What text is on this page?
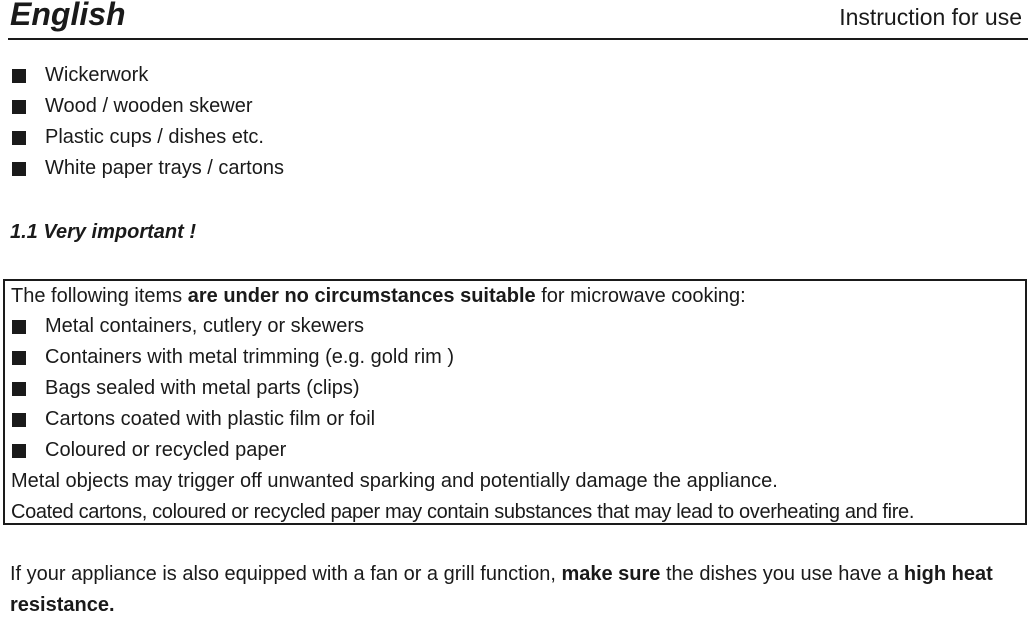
English	Instruction for use
Wickerwork
Wood / wooden skewer
Plastic cups / dishes etc.
White paper trays / cartons
1.1 Very important !
The following items are under no circumstances suitable for microwave cooking:
Metal containers, cutlery or skewers
Containers with metal trimming (e.g. gold rim )
Bags sealed with metal parts (clips)
Cartons coated with plastic film or foil
Coloured or recycled paper
Metal objects may trigger off unwanted sparking and potentially damage the appliance.
Coated cartons, coloured or recycled paper may contain substances that may lead to overheating and fire.
If your appliance is also equipped with a fan or a grill function, make sure the dishes you use have a high heat resistance.
